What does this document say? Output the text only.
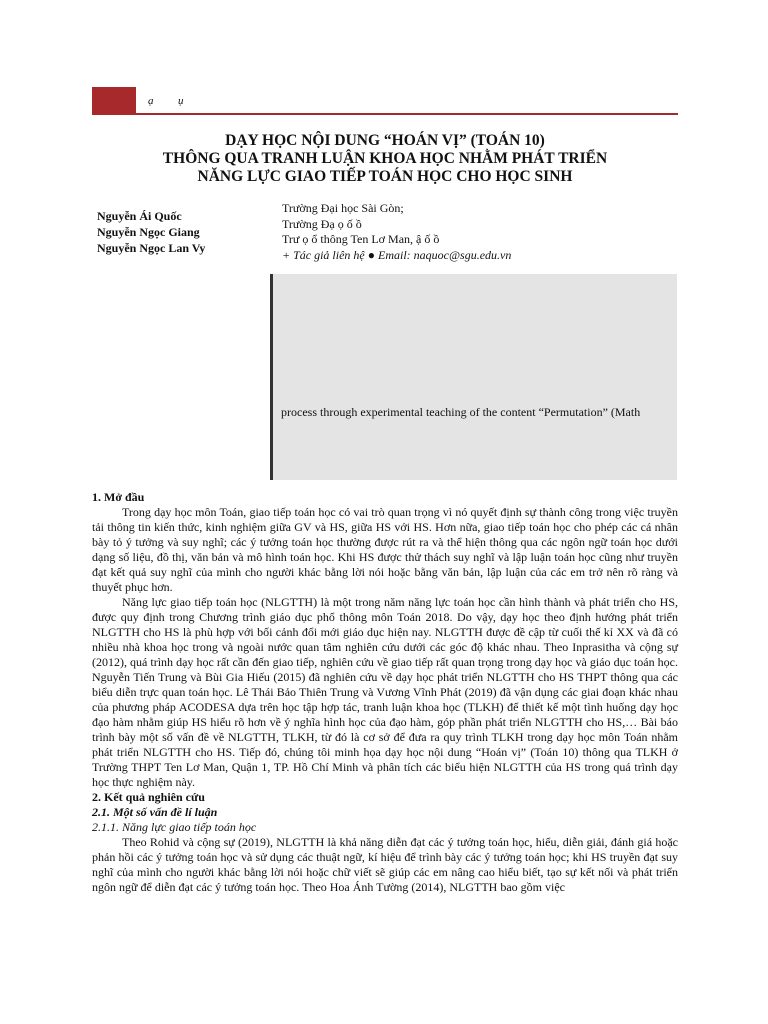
ạ ụ
DẠY HỌC NỘI DUNG “HOÁN VỊ” (TOÁN 10)
THÔNG QUA TRANH LUẬN KHOA HỌC NHẰM PHÁT TRIỂN
NĂNG LỰC GIAO TIẾP TOÁN HỌC CHO HỌC SINH
Nguyễn Ái Quốc
Nguyễn Ngọc Giang
Nguyễn Ngọc Lan Vy
Trường Đại học Sài Gòn;
Trường Đạ ọ ố ồ
Trư ọ ổ thông Ten Lơ Man, ậ ố ồ
+ Tác giả liên hệ ● Email: naquoc@sgu.edu.vn
process through experimental teaching of the content “Permutation” (Math
1. Mở đầu

Trong dạy học môn Toán, giao tiếp toán học có vai trò quan trọng vì nó quyết định sự thành công trong việc truyền tải thông tin kiến thức, kinh nghiệm giữa GV và HS, giữa HS với HS. Hơn nữa, giao tiếp toán học cho phép các cá nhân bày tỏ ý tưởng và suy nghĩ; các ý tưởng toán học thường được rút ra và thể hiện thông qua các ngôn ngữ toán học dưới dạng số liệu, đồ thị, văn bản và mô hình toán học. Khi HS được thử thách suy nghĩ và lập luận toán học cũng như truyền đạt kết quả suy nghĩ của mình cho người khác bằng lời nói hoặc bằng văn bản, lập luận của các em trở nên rõ ràng và thuyết phục hơn.

Năng lực giao tiếp toán học (NLGTTH) là một trong năm năng lực toán học cần hình thành và phát triển cho HS, được quy định trong Chương trình giáo dục phổ thông môn Toán 2018. Do vậy, dạy học theo định hướng phát triển NLGTTH cho HS là phù hợp với bối cảnh đổi mới giáo dục hiện nay. NLGTTH được đề cập từ cuối thế kỉ XX và đã có nhiều nhà khoa học trong và ngoài nước quan tâm nghiên cứu dưới các góc độ khác nhau. Theo Inprasitha và cộng sự (2012), quá trình dạy học rất cần đến giao tiếp, nghiên cứu về giao tiếp rất quan trọng trong dạy học và giáo dục toán học. Nguyễn Tiến Trung và Bùi Gia Hiếu (2015) đã nghiên cứu về dạy học phát triển NLGTTH cho HS THPT thông qua các biểu diễn trực quan toán học. Lê Thái Bảo Thiên Trung và Vương Vĩnh Phát (2019) đã vận dụng các giai đoạn khác nhau của phương pháp ACODESA dựa trên học tập hợp tác, tranh luận khoa học (TLKH) để thiết kế một tình huống dạy học đạo hàm nhằm giúp HS hiểu rõ hơn về ý nghĩa hình học của đạo hàm, góp phần phát triển NLGTTH cho HS,… Bài báo trình bày một số vấn đề về NLGTTH, TLKH, từ đó là cơ sở để đưa ra quy trình TLKH trong dạy học môn Toán nhằm phát triển NLGTTH cho HS. Tiếp đó, chúng tôi minh họa dạy học nội dung “Hoán vị” (Toán 10) thông qua TLKH ở Trường THPT Ten Lơ Man, Quận 1, TP. Hồ Chí Minh và phân tích các biểu hiện NLGTTH của HS trong quá trình dạy học thực nghiệm này.

2. Kết quả nghiên cứu
2.1. Một số vấn đề lí luận
2.1.1. Năng lực giao tiếp toán học

Theo Rohid và cộng sự (2019), NLGTTH là khả năng diễn đạt các ý tưởng toán học, hiểu, diễn giải, đánh giá hoặc phản hồi các ý tưởng toán học và sử dụng các thuật ngữ, kí hiệu để trình bày các ý tưởng toán học; khi HS truyền đạt suy nghĩ của mình cho người khác bằng lời nói hoặc chữ viết sẽ giúp các em nâng cao hiểu biết, tạo sự kết nối và phát triển ngôn ngữ để diễn đạt các ý tưởng toán học. Theo Hoa Ánh Tường (2014), NLGTTH bao gồm việc
